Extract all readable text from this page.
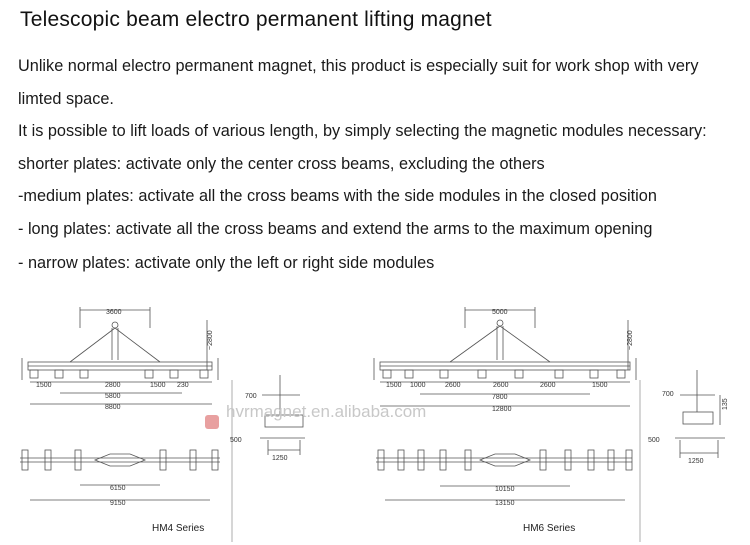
Telescopic beam electro permanent lifting magnet
Unlike normal electro permanent magnet, this product is especially suit for work shop with very
limted space.
It is possible to lift loads of various length, by simply selecting the magnetic modules necessary:
shorter plates: activate only the center cross beams, excluding the others
-medium plates: activate all the cross beams with the side modules in the closed position
- long plates: activate all the cross beams and extend the arms to the maximum opening
- narrow plates: activate only the left or right side modules
3600
~2800
1500	2800	1500 230
5800
8800
700
500
1250
6150
9150
HM4 Series
5000
~2800
1500 1000	2600	2600	2600	1500
7800
12800
700
135
500
1250
10150
13150
HM6 Series
hvrmagnet.en.alibaba.com
